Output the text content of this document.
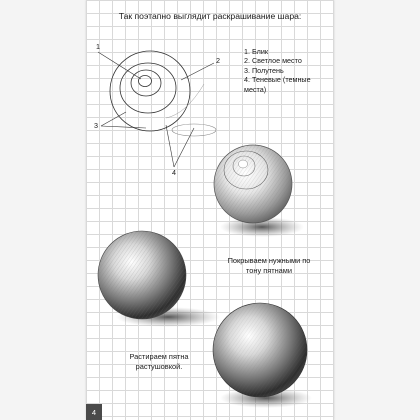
Так поэтапно выглядит раскрашивание шара:
1. Блик
2. Светлое место
3. Полутень
4. Теневые (темные
места)
1
2
3
4
Покрываем нужными по
тону пятнами
Растираем пятна
растушовкой.
4
